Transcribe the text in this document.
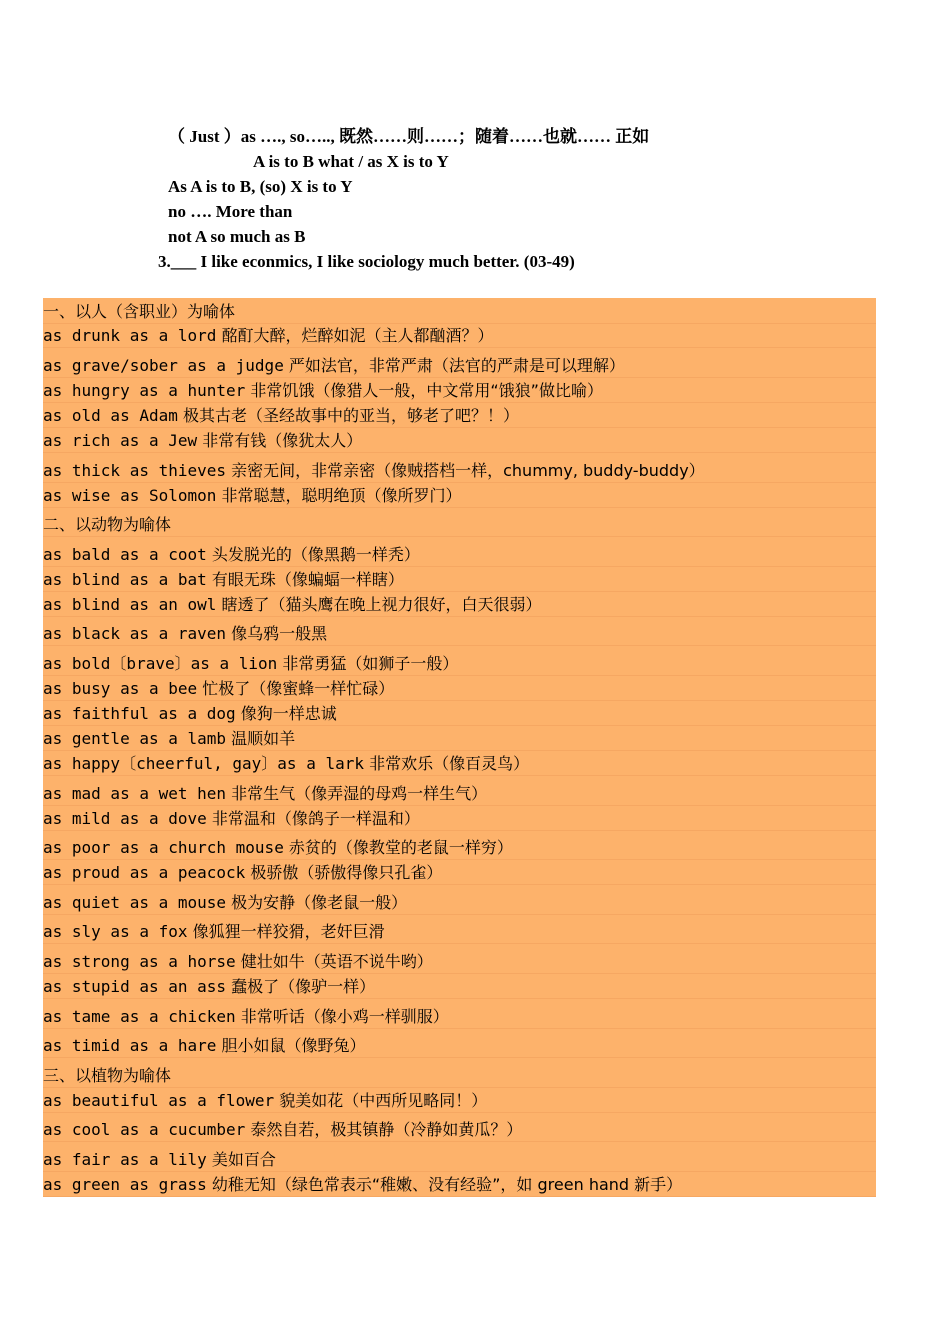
（ Just ）as …., so….., 既然……则……；随着……也就…… 正如
A is to B what / as X is to Y
As A is to B, (so) X is to Y
no …. More than
not A so much as B
3.___ I like econmics, I like sociology much better. (03-49)

一、以人（含职业）为喻体
as drunk as a lord 酩酊大醉，烂醉如泥（主人都酗酒？）
as grave/sober as a judge 严如法官，非常严肃（法官的严肃是可以理解）
as hungry as a hunter 非常饥饿（像猎人一般，中文常用“饿狼”做比喻）
as old as Adam 极其古老（圣经故事中的亚当，够老了吧？！）
as rich as a Jew 非常有钱（像犹太人）
as thick as thieves 亲密无间，非常亲密（像贼搭档一样，chummy, buddy-buddy）
as wise as Solomon 非常聪慧，聪明绝顶（像所罗门）
二、以动物为喻体
as bald as a coot 头发脱光的（像黑鹅一样秃）
as blind as a bat 有眼无珠（像蝙蝠一样瞎）
as blind as an owl 瞎透了（猫头鹰在晚上视力很好，白天很弱）
as black as a raven 像乌鸦一般黑
as bold〔brave〕as a lion 非常勇猛（如狮子一般）
as busy as a bee 忙极了（像蜜蜂一样忙碌）
as faithful as a dog 像狗一样忠诚
as gentle as a lamb 温顺如羊
as happy〔cheerful, gay〕as a lark 非常欢乐（像百灵鸟）
as mad as a wet hen 非常生气（像弄湿的母鸡一样生气）
as mild as a dove 非常温和（像鸽子一样温和）
as poor as a church mouse 赤贫的（像教堂的老鼠一样穷）
as proud as a peacock 极骄傲（骄傲得像只孔雀）
as quiet as a mouse 极为安静（像老鼠一般）
as sly as a fox 像狐狸一样狡猾，老奸巨滑
as strong as a horse 健壮如牛（英语不说牛哟）
as stupid as an ass 蠢极了（像驴一样）
as tame as a chicken 非常听话（像小鸡一样驯服）
as timid as a hare 胆小如鼠（像野兔）
三、以植物为喻体
as beautiful as a flower 貌美如花（中西所见略同！）
as cool as a cucumber 泰然自若，极其镇静（冷静如黄瓜？）
as fair as a lily 美如百合
as green as grass 幼稚无知（绿色常表示“稚嫩、没有经验”，如 green hand 新手）
